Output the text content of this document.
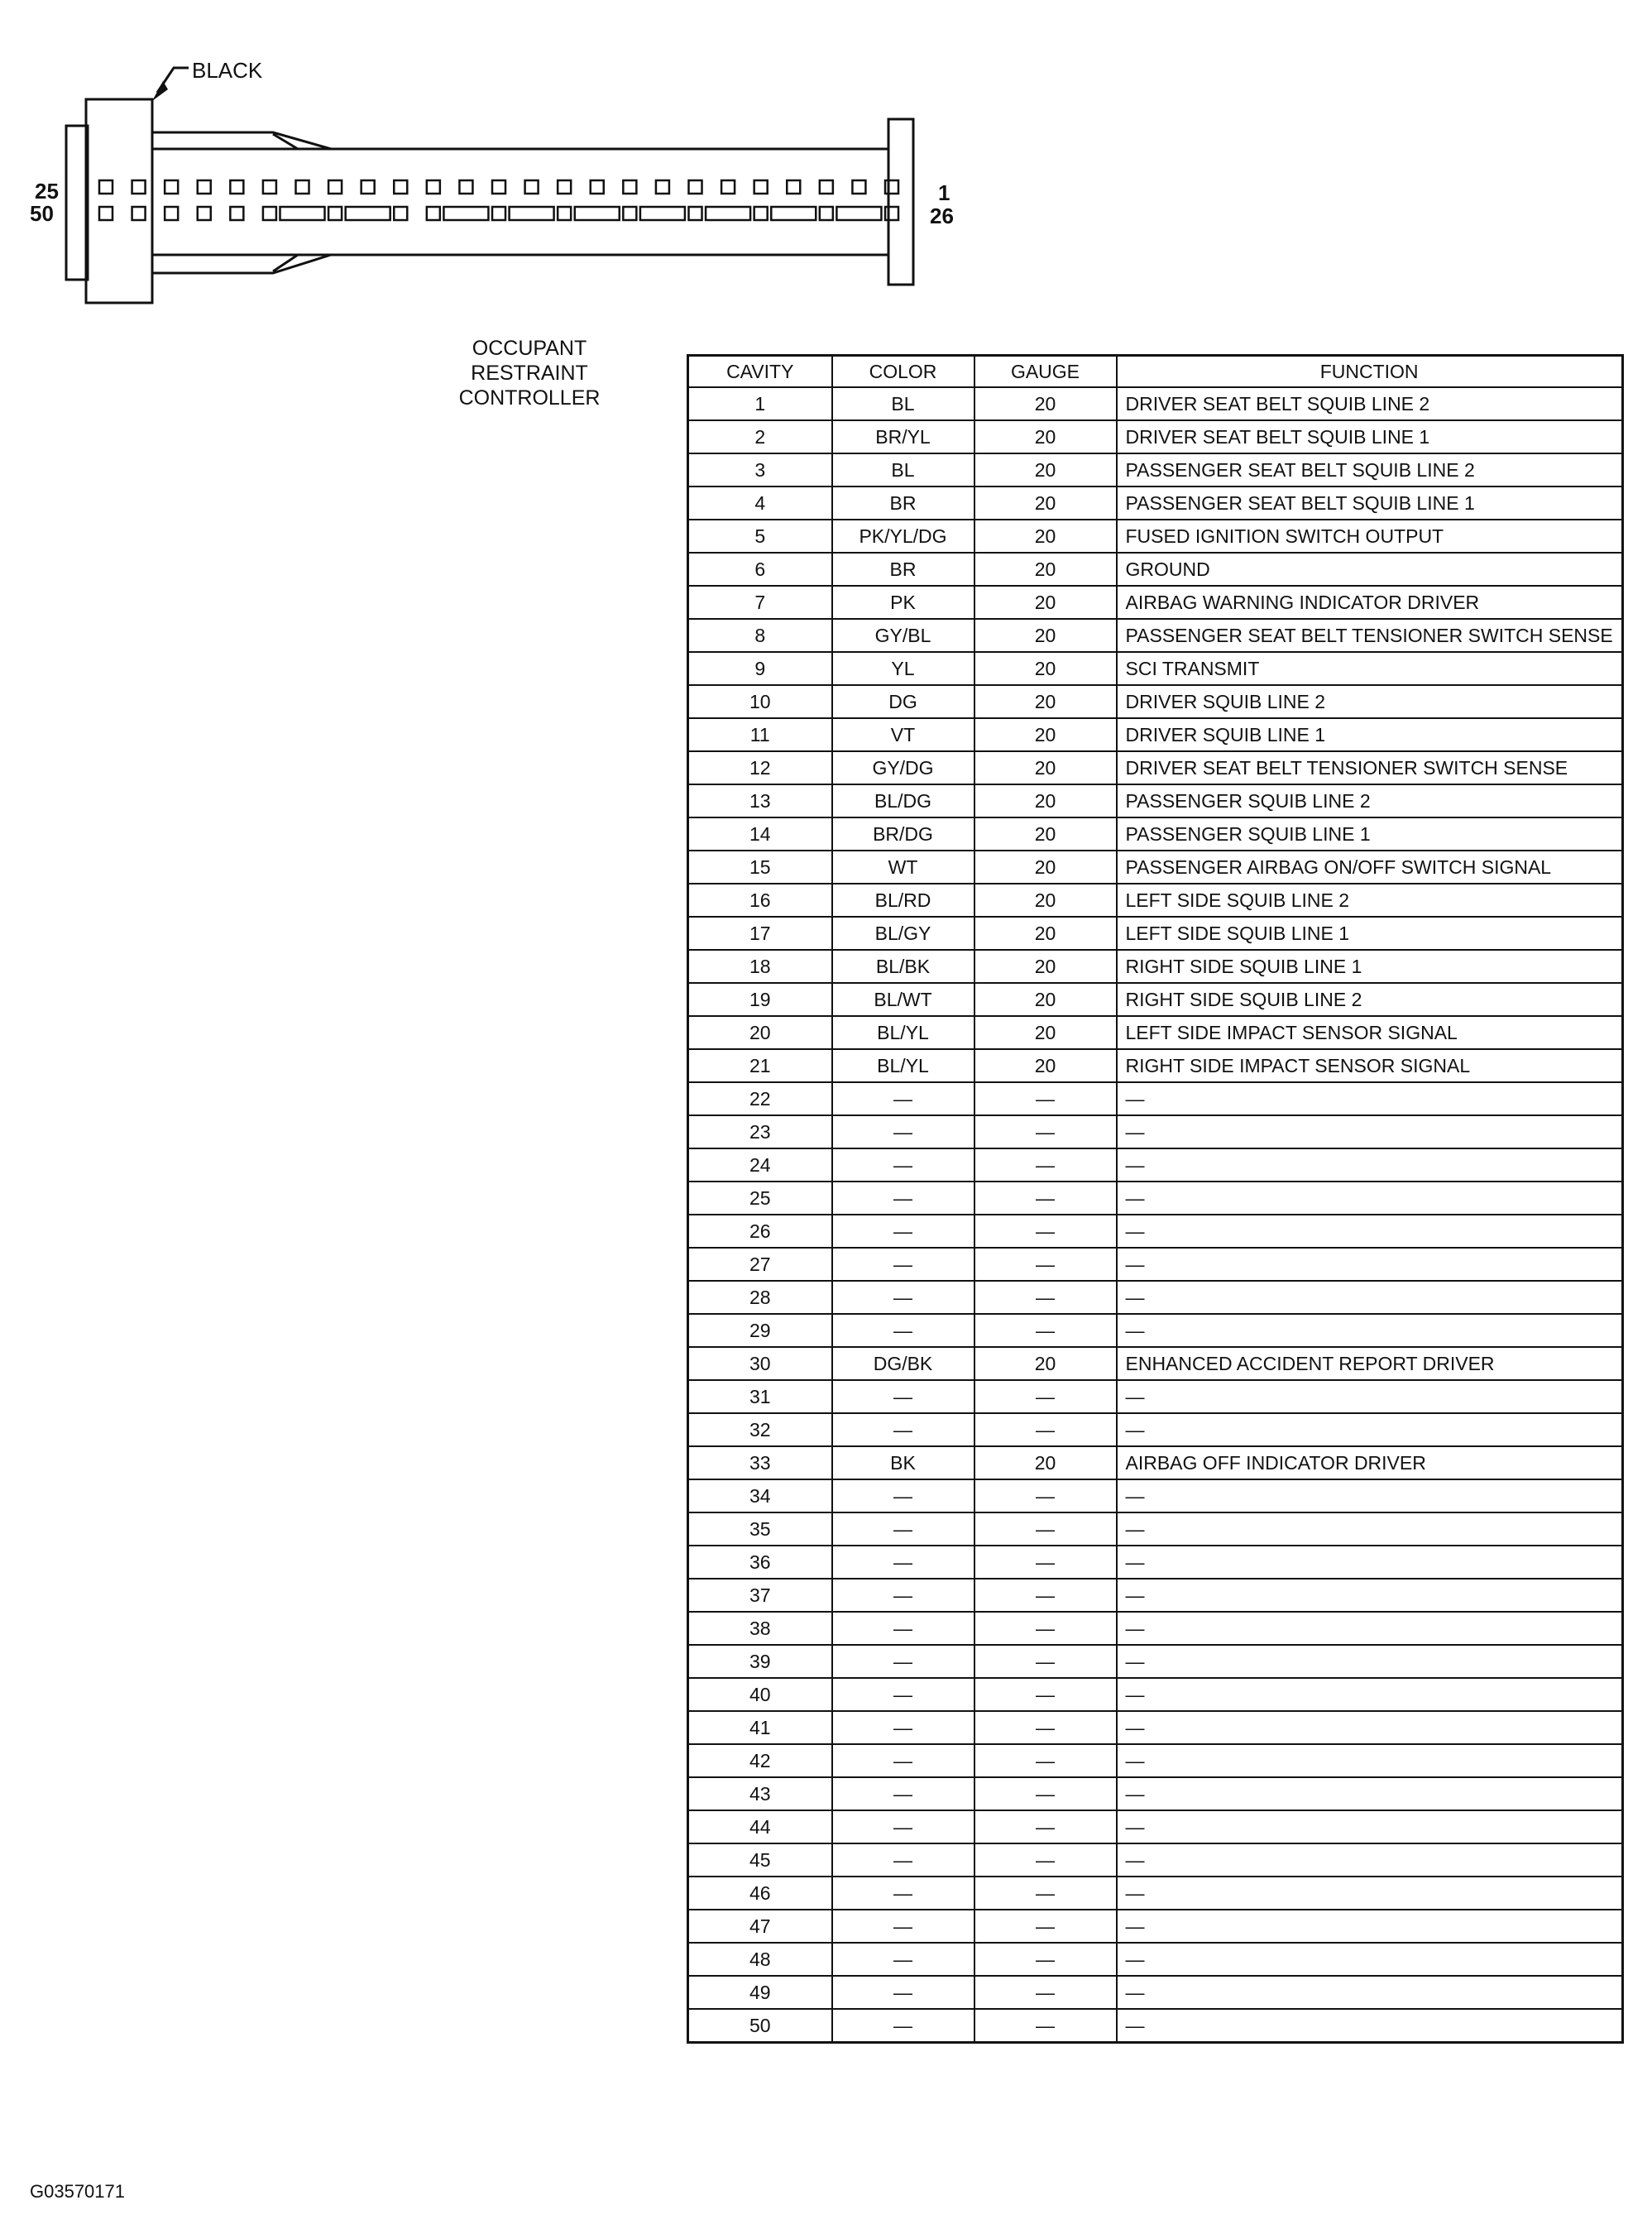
BLACK
25
50
1
26
OCCUPANT
RESTRAINT
CONTROLLER
CAVITY	COLOR	GAUGE	FUNCTION
1	BL	20	DRIVER SEAT BELT SQUIB LINE 2
2	BR/YL	20	DRIVER SEAT BELT SQUIB LINE 1
3	BL	20	PASSENGER SEAT BELT SQUIB LINE 2
4	BR	20	PASSENGER SEAT BELT SQUIB LINE 1
5	PK/YL/DG	20	FUSED IGNITION SWITCH OUTPUT
6	BR	20	GROUND
7	PK	20	AIRBAG WARNING INDICATOR DRIVER
8	GY/BL	20	PASSENGER SEAT BELT TENSIONER SWITCH SENSE
9	YL	20	SCI TRANSMIT
10	DG	20	DRIVER SQUIB LINE 2
11	VT	20	DRIVER SQUIB LINE 1
12	GY/DG	20	DRIVER SEAT BELT TENSIONER SWITCH SENSE
13	BL/DG	20	PASSENGER SQUIB LINE 2
14	BR/DG	20	PASSENGER SQUIB LINE 1
15	WT	20	PASSENGER AIRBAG ON/OFF SWITCH SIGNAL
16	BL/RD	20	LEFT SIDE SQUIB LINE 2
17	BL/GY	20	LEFT SIDE SQUIB LINE 1
18	BL/BK	20	RIGHT SIDE SQUIB LINE 1
19	BL/WT	20	RIGHT SIDE SQUIB LINE 2
20	BL/YL	20	LEFT SIDE IMPACT SENSOR SIGNAL
21	BL/YL	20	RIGHT SIDE IMPACT SENSOR SIGNAL
22	—	—	—
23	—	—	—
24	—	—	—
25	—	—	—
26	—	—	—
27	—	—	—
28	—	—	—
29	—	—	—
30	DG/BK	20	ENHANCED ACCIDENT REPORT DRIVER
31	—	—	—
32	—	—	—
33	BK	20	AIRBAG OFF INDICATOR DRIVER
34	—	—	—
35	—	—	—
36	—	—	—
37	—	—	—
38	—	—	—
39	—	—	—
40	—	—	—
41	—	—	—
42	—	—	—
43	—	—	—
44	—	—	—
45	—	—	—
46	—	—	—
47	—	—	—
48	—	—	—
49	—	—	—
50	—	—	—
G03570171
